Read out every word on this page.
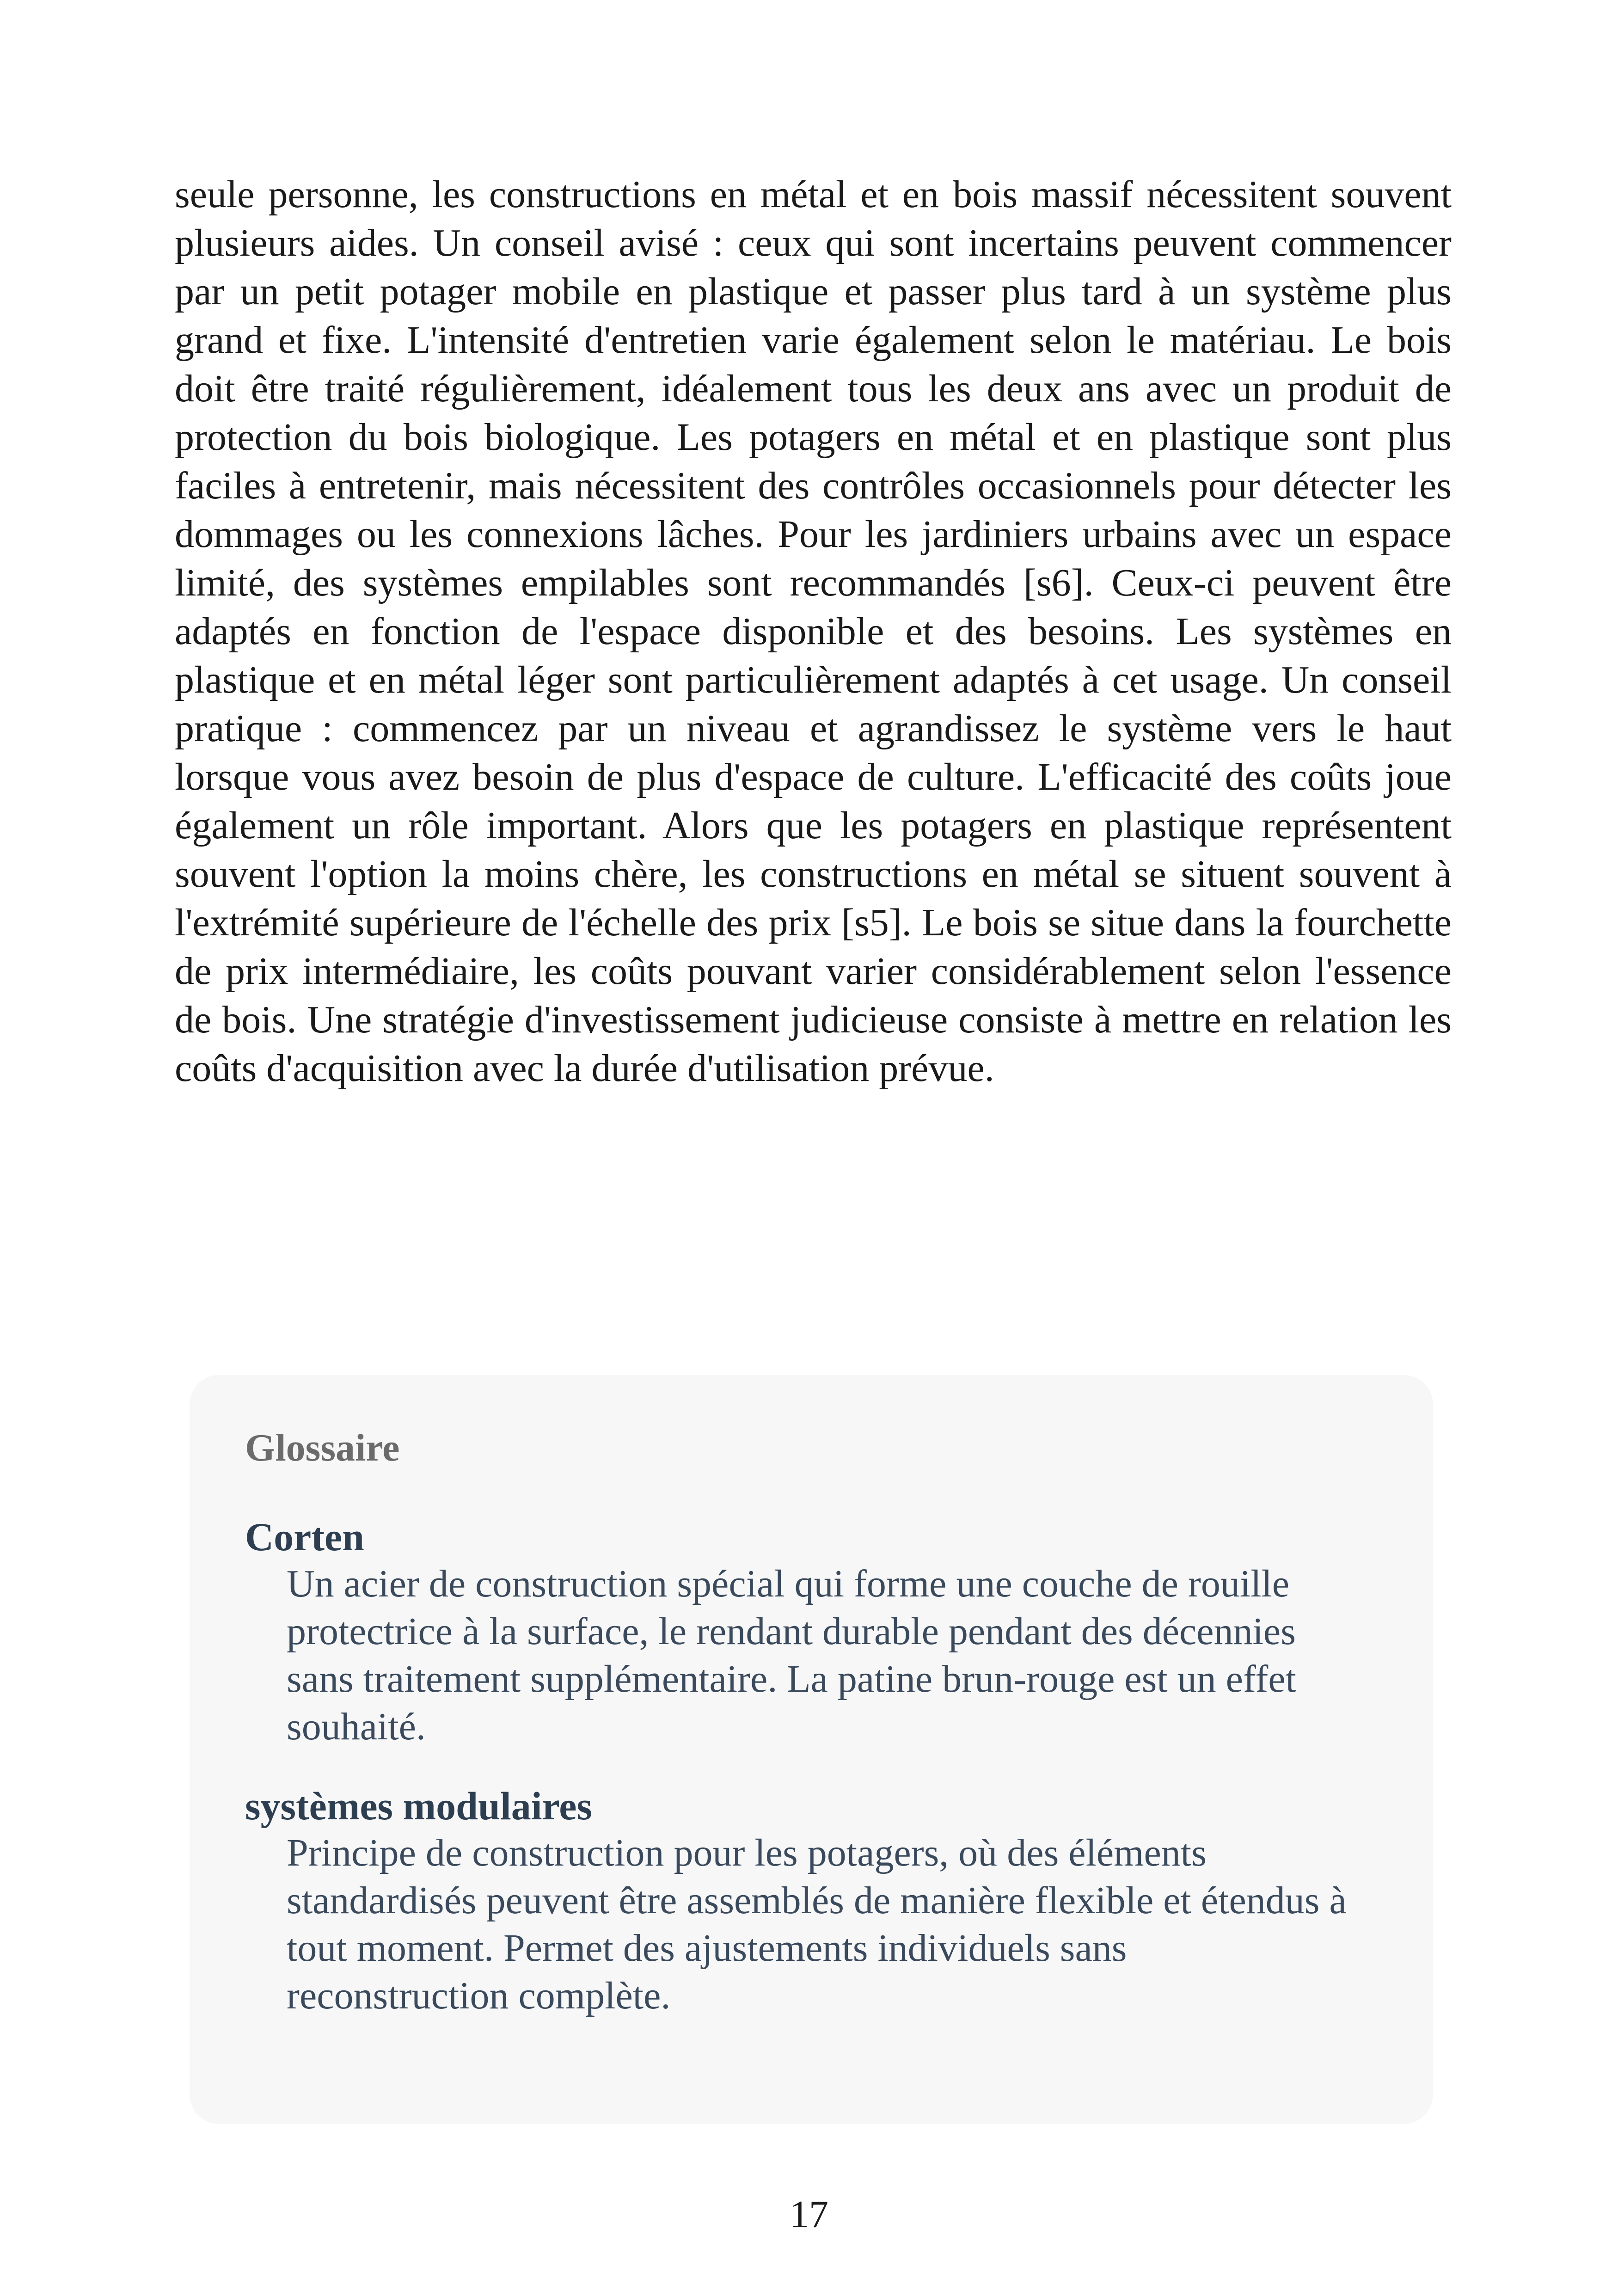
seule personne, les constructions en métal et en bois massif nécessitent souvent plusieurs aides. Un conseil avisé : ceux qui sont incertains peuvent commencer par un petit potager mobile en plastique et passer plus tard à un système plus grand et fixe. L'intensité d'entretien varie également selon le matériau. Le bois doit être traité régulièrement, idéalement tous les deux ans avec un produit de protection du bois biologique. Les potagers en métal et en plastique sont plus faciles à entretenir, mais nécessitent des contrôles occasionnels pour détecter les dommages ou les connexions lâches. Pour les jardiniers urbains avec un espace limité, des systèmes empilables sont recommandés [s6]. Ceux-ci peuvent être adaptés en fonction de l'espace disponible et des besoins. Les systèmes en plastique et en métal léger sont particulièrement adaptés à cet usage. Un conseil pratique : commencez par un niveau et agrandissez le système vers le haut lorsque vous avez besoin de plus d'espace de culture. L'efficacité des coûts joue également un rôle important. Alors que les potagers en plastique représentent souvent l'option la moins chère, les constructions en métal se situent souvent à l'extrémité supérieure de l'échelle des prix [s5]. Le bois se situe dans la fourchette de prix intermédiaire, les coûts pouvant varier considérablement selon l'essence de bois. Une stratégie d'investissement judicieuse consiste à mettre en relation les coûts d'acquisition avec la durée d'utilisation prévue.

Glossaire
Corten
Un acier de construction spécial qui forme une couche de rouille protectrice à la surface, le rendant durable pendant des décennies sans traitement supplémentaire. La patine brun-rouge est un effet souhaité.
systèmes modulaires
Principe de construction pour les potagers, où des éléments standardisés peuvent être assemblés de manière flexible et étendus à tout moment. Permet des ajustements individuels sans reconstruction complète.
17
